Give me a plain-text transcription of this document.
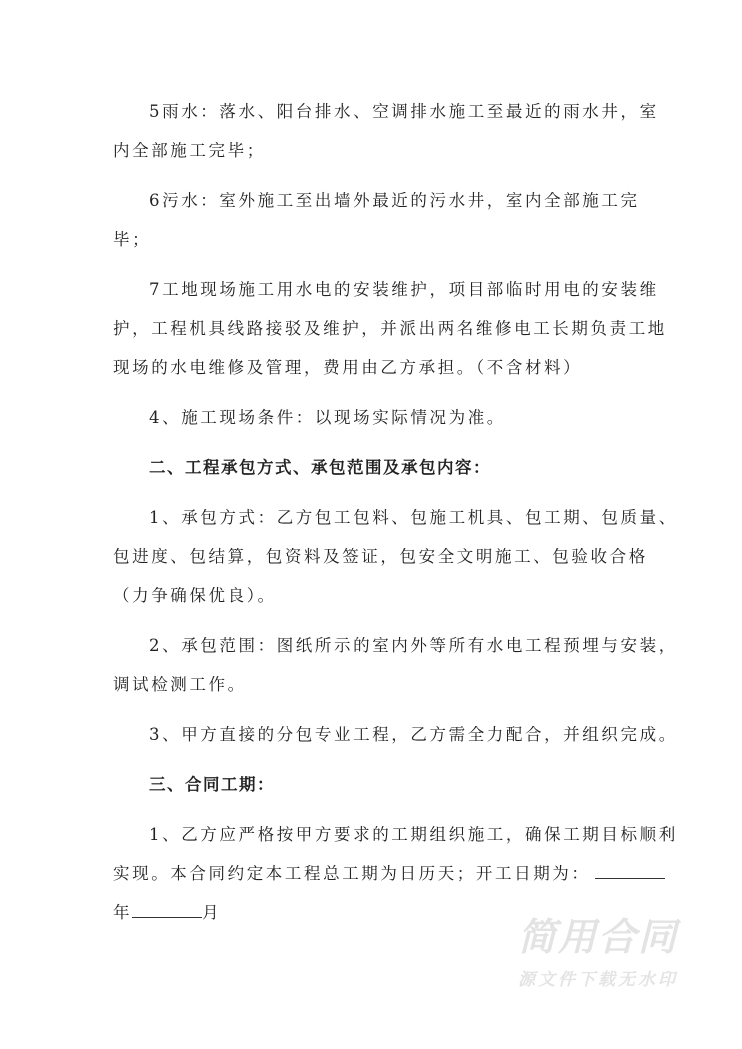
5雨水：落水、阳台排水、空调排水施工至最近的雨水井，室
内全部施工完毕；

6污水：室外施工至出墙外最近的污水井，室内全部施工完
毕；

7工地现场施工用水电的安装维护，项目部临时用电的安装维
护，工程机具线路接驳及维护，并派出两名维修电工长期负责工地
现场的水电维修及管理，费用由乙方承担。（不含材料）

4、施工现场条件：以现场实际情况为准。

二、工程承包方式、承包范围及承包内容：

1、承包方式：乙方包工包料、包施工机具、包工期、包质量、
包进度、包结算，包资料及签证，包安全文明施工、包验收合格
（力争确保优良）。

2、承包范围：图纸所示的室内外等所有水电工程预埋与安装，
调试检测工作。

3、甲方直接的分包专业工程，乙方需全力配合，并组织完成。

三、合同工期：

1、乙方应严格按甲方要求的工期组织施工，确保工期目标顺利
实现。本合同约定本工程总工期为日历天；开工日期为：
年	月

简用合同
源文件下载无水印
